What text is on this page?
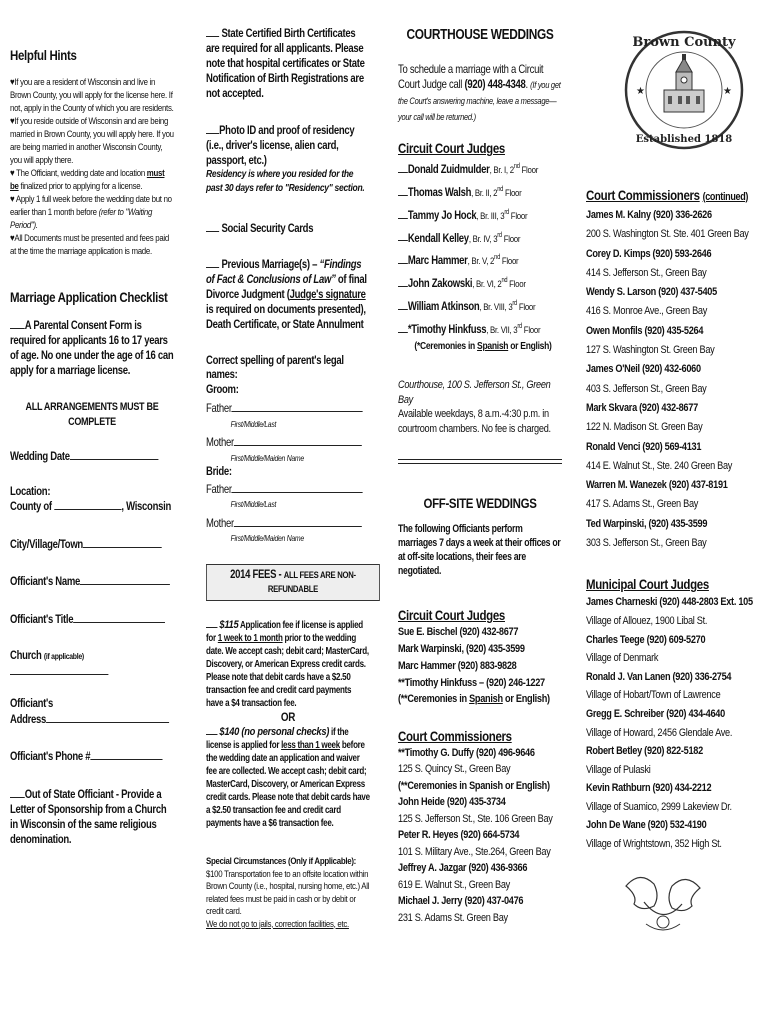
Helpful Hints

♥If you are a resident of Wisconsin and live in Brown County, you will apply for the license here. If not, apply in the County of which you are residents.

♥If you reside outside of Wisconsin and are being married in Brown County, you will apply here. If you are being married in another Wisconsin County, you will apply there.

♥ The Officiant, wedding date and location must be finalized prior to applying for a license.

♥ Apply 1 full week before the wedding date but no earlier than 1 month before (refer to "Waiting Period").

♥All Documents must be presented and fees paid at the time the marriage application is made.

Marriage Application Checklist

A Parental Consent Form is required for applicants 16 to 17 years of age. No one under the age of 16 can apply for a marriage license.

ALL ARRANGEMENTS MUST BE COMPLETE

Wedding Date

Location:

County of	, Wisconsin

City/Village/Town

Officiant's Name

Officiant's Title

Church (if applicable)

Officiant's

Address

Officiant's Phone #

Out of State Officiant - Provide a Letter of Sponsorship from a Church in Wisconsin of the same religious denomination.

State Certified Birth Certificates are required for all applicants. Please note that hospital certificates or State Notification of Birth Registrations are not accepted.

Photo ID and proof of residency (i.e., driver's license, alien card, passport, etc.)

Residency is where you resided for the past 30 days refer to "Residency" section.

Social Security Cards

Previous Marriage(s) – “Findings of Fact & Conclusions of Law” of final Divorce Judgment (Judge's signature is required on documents presented), Death Certificate, or State Annulment

Correct spelling of parent's legal names:

Groom:

Father

First/Middle/Last

Mother

First/Middle/Maiden Name

Bride:

Father

First/Middle/Last

Mother

First/Middle/Maiden Name

2014 FEES - ALL FEES ARE NON-REFUNDABLE

$115 Application fee if license is applied for 1 week to 1 month prior to the wedding date. We accept cash; debit card; MasterCard, Discovery, or American Express credit cards. Please note that debit cards have a $2.50 transaction fee and credit card payments have a $4 transaction fee.

OR

$140 (no personal checks) if the license is applied for less than 1 week before the wedding date an application and waiver fee are collected. We accept cash; debit card; MasterCard, Discovery, or American Express credit cards. Please note that debit cards have a $2.50 transaction fee and credit card payments have a $6 transaction fee.

Special Circumstances (Only if Applicable): $100 Transportation fee to an offsite location within Brown County (i.e., hospital, nursing home, etc.) All related fees must be paid in cash or by debit or credit card.

We do not go to jails, correction facilities, etc.

COURTHOUSE WEDDINGS

To schedule a marriage with a Circuit Court Judge call (920) 448-4348. (If you get the Court's answering machine, leave a message—your call will be returned.)

Circuit Court Judges

Donald Zuidmulder, Br. I, 2nd Floor

Thomas Walsh, Br. II, 2nd Floor

Tammy Jo Hock, Br. III, 3rd Floor

Kendall Kelley, Br. IV, 3rd Floor

Marc Hammer, Br. V, 2nd Floor

John Zakowski, Br. VI, 2nd Floor

William Atkinson, Br. VIII, 3rd Floor

*Timothy Hinkfuss, Br. VII, 3rd Floor

(*Ceremonies in Spanish or English)

Courthouse, 100 S. Jefferson St., Green Bay

Available weekdays, 8 a.m.-4:30 p.m. in courtroom chambers. No fee is charged.

OFF-SITE WEDDINGS

The following Officiants perform marriages 7 days a week at their offices or at off-site locations, their fees are negotiated.

Circuit Court Judges

Sue E. Bischel (920) 432-8677

Mark Warpinski, (920) 435-3599

Marc Hammer (920) 883-9828

**Timothy Hinkfuss – (920) 246-1227

(**Ceremonies in Spanish or English)

Court Commissioners

**Timothy G. Duffy (920) 496-9646

125 S. Quincy St., Green Bay

(**Ceremonies in Spanish or English)

John Heide (920) 435-3734

125 S. Jefferson St., Ste. 106 Green Bay

Peter R. Heyes (920) 664-5734

101 S. Military Ave., Ste.264, Green Bay

Jeffrey A. Jazgar (920) 436-9366

619 E. Walnut St., Green Bay

Michael J. Jerry (920) 437-0476

231 S. Adams St. Green Bay

Court Commissioners (continued)

James M. Kalny (920) 336-2626

200 S. Washington St. Ste. 401 Green Bay

Corey D. Kimps (920) 593-2646

414 S. Jefferson St., Green Bay

Wendy S. Larson (920) 437-5405

416 S. Monroe Ave., Green Bay

Owen Monfils (920) 435-5264

127 S. Washington St. Green Bay

James O'Neil (920) 432-6060

403 S. Jefferson St., Green Bay

Mark Skvara (920) 432-8677

122 N. Madison St. Green Bay

Ronald Venci (920) 569-4131

414 E. Walnut St., Ste. 240 Green Bay

Warren M. Wanezek (920) 437-8191

417 S. Adams St., Green Bay

Ted Warpinski, (920) 435-3599

303 S. Jefferson St., Green Bay

Municipal Court Judges

James Charneski (920) 448-2803 Ext. 105

Village of Allouez, 1900 Libal St.

Charles Teege (920) 609-5270

Village of Denmark

Ronald J. Van Lanen (920) 336-2754

Village of Hobart/Town of Lawrence

Gregg E. Schreiber (920) 434-4640

Village of Howard, 2456 Glendale Ave.

Robert Betley (920) 822-5182

Village of Pulaski

Kevin Rathburn (920) 434-2212

Village of Suamico, 2999 Lakeview Dr.

John De Wane (920) 532-4190

Village of Wrightstown, 352 High St.

Brown County
Established 1818
★	★
